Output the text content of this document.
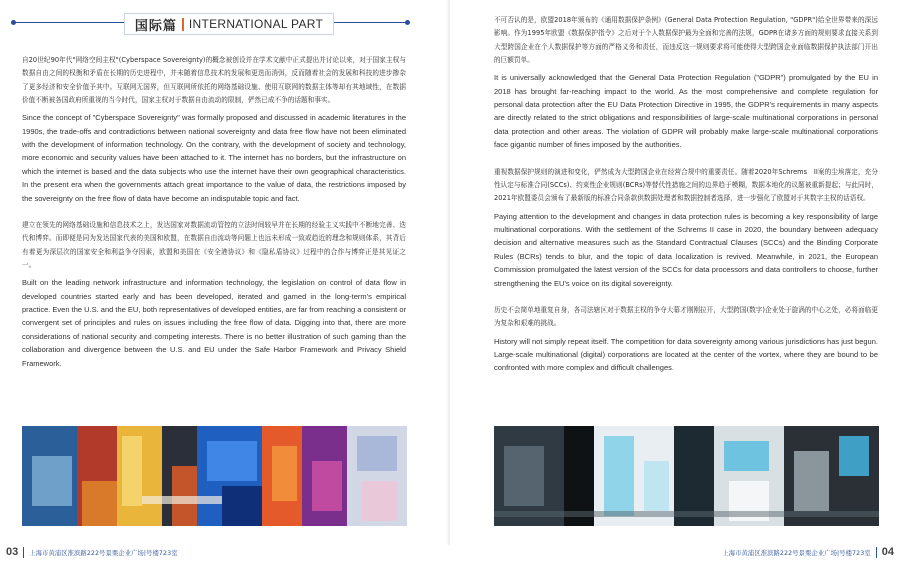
国际篇 INTERNATIONAL PART

自20世纪90年代"网络空间主权"(Cyberspace Sovereignty)的概念被创设并在学术文献中正式提出并讨论以来，对于国家主权与数据自由之间的权衡和矛盾在长期的历史进程中，并未随着信息技术的发展和更迭而消弭，反而随着社会的发展和科技的进步掺杂了更多经济和安全价值予其中。互联网无国界，但互联网所依托的网络基础设施、使用互联网的数据主体等却有其地域性，在数据价值不断被各国政府所重视的当今时代，国家主权对于数据自由流动的限制，俨然已成不争的话题和事实。

Since the concept of "Cyberspace Sovereignty" was formally proposed and discussed in academic literatures in the 1990s, the trade-offs and contradictions between national sovereignty and data free flow have not been eliminated with the development of information technology. On the contrary, with the development of society and technology, more economic and security values have been attached to it. The internet has no borders, but the infrastructure on which the internet is based and the data subjects who use the internet have their own geographical characteristics. In the present era when the governments attach great importance to the value of data, the restrictions imposed by the sovereignty on the free flow of data have become an indisputable topic and fact.

建立在领先的网络基础设施和信息技术之上，发达国家对数据流动管控的立法时间较早并在长期的经验主义实践中不断地完善、迭代和博弈。而即便是同为发达国家代表的美国和欧盟，在数据自由流动等问题上也远未形成一致或趋近的理念和规则体系，其背后有着更为深层次的国家安全和利益争夺因素，欧盟和美国在《安全港协议》和《隐私盾协议》过程中的合作与博弈正是其见证之一。

Built on the leading network infrastructure and information technology, the legislation on control of data flow in developed countries started early and has been developed, iterated and gamed in the long-term's empirical practice. Even the U.S. and the EU, both representatives of developed entities, are far from reaching a consistent or convergent set of principles and rules on issues including the free flow of data. Digging into that, there are more considerations of national security and competing interests. There is no better illustration of such gaming than the collaboration and divergence between the U.S. and EU under the Safe Harbor Framework and Privacy Shield Framework.

03 上海市黄浦区淮滨路222号景栗企业广场|号楼723室

不可否认的是，欧盟2018年颁布的《通用数据保护条例》(General Data Protection Regulation, "GDPR")给全世界带来的深远影响。作为1995年欧盟《数据保护指令》之后对于个人数据保护最为全面和完善的法规，GDPR在诸多方面的规则要求直接关系到大型跨国企业在个人数据保护等方面的严格义务和责任，而违反这一规则要求将可能使得大型跨国企业面临数据保护执法部门开出的巨额罚单。

It is universally acknowledged that the General Data Protection Regulation ("GDPR") promulgated by the EU in 2018 has brought far-reaching impact to the world. As the most comprehensive and complete regulation for personal data protection after the EU Data Protection Directive in 1995, the GDPR's requirements in many aspects are directly related to the strict obligations and responsibilities of large-scale multinational corporations in personal data protection and other areas. The violation of GDPR will probably make large-scale multinational corporations face gigantic number of fines imposed by the authorities.

重视数据保护规则的演进和变化，俨然成为大型跨国企业在经营合规中的重要责任。随着2020年Schrems　II案的尘埃落定，充分性认定与标准合同(SCCs)、约束性企业规则(BCRs)等替代性措施之间的边界趋于模糊，数据本地化的议题被重新提起；与此同时，2021年欧盟委员会颁布了最新版的标准合同条款供数据处理者和数据控制者选择，进一步强化了欧盟对于其数字主权的话语权。

Paying attention to the development and changes in data protection rules is becoming a key responsibility of large multinational corporations. With the settlement of the Schrems II case in 2020, the boundary between adequacy decision and alternative measures such as the Standard Contractual Clauses (SCCs) and the Binding Corporate Rules (BCRs) tends to blur, and the topic of data localization is revived. Meanwhile, in 2021, the European Commission promulgated the latest version of the SCCs for data processors and data controllers to choose, further strengthening the EU's voice on its digital sovereignty.

历史不会简单地重复自身，各司法辖区对于数据主权的争夺大幕才刚刚拉开，大型跨国(数字)企业处于旋涡的中心之处，必将面临更为复杂和艰难的挑战。

History will not simply repeat itself. The competition for data sovereignty among various jurisdictions has just begun. Large-scale multinational (digital) corporations are located at the center of the vortex, where they are bound to be confronted with more complex and difficult challenges.

上海市黄浦区淮滨路222号景栗企业广场|号楼723室 04
